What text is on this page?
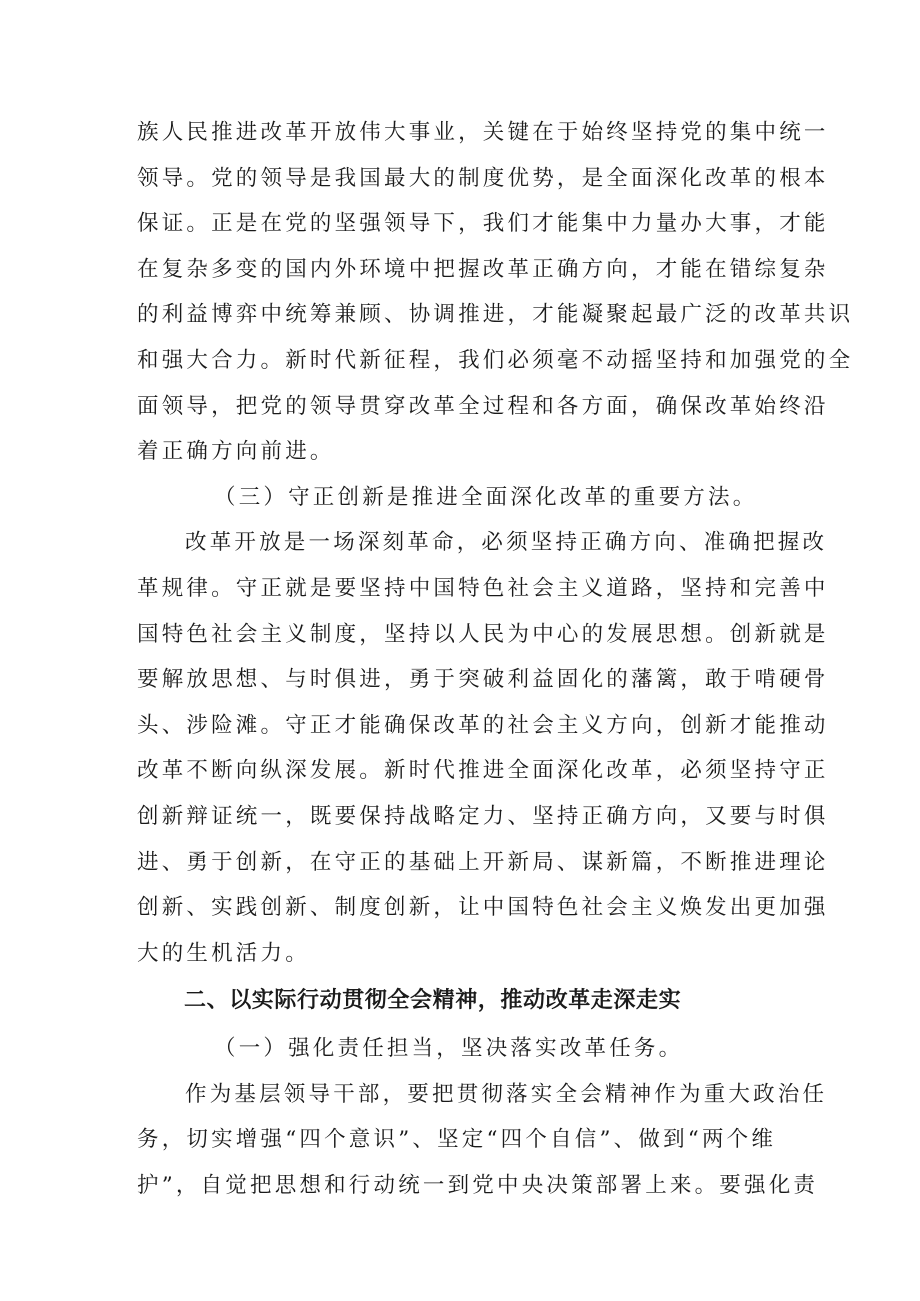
族人民推进改革开放伟大事业，关键在于始终坚持党的集中统一
领导。党的领导是我国最大的制度优势，是全面深化改革的根本
保证。正是在党的坚强领导下，我们才能集中力量办大事，才能
在复杂多变的国内外环境中把握改革正确方向，才能在错综复杂
的利益博弈中统筹兼顾、协调推进，才能凝聚起最广泛的改革共识
和强大合力。新时代新征程，我们必须毫不动摇坚持和加强党的全
面领导，把党的领导贯穿改革全过程和各方面，确保改革始终沿
着正确方向前进。
（三）守正创新是推进全面深化改革的重要方法。
改革开放是一场深刻革命，必须坚持正确方向、准确把握改
革规律。守正就是要坚持中国特色社会主义道路，坚持和完善中
国特色社会主义制度，坚持以人民为中心的发展思想。创新就是
要解放思想、与时俱进，勇于突破利益固化的藩篱，敢于啃硬骨
头、涉险滩。守正才能确保改革的社会主义方向，创新才能推动
改革不断向纵深发展。新时代推进全面深化改革，必须坚持守正
创新辩证统一，既要保持战略定力、坚持正确方向，又要与时俱
进、勇于创新，在守正的基础上开新局、谋新篇，不断推进理论
创新、实践创新、制度创新，让中国特色社会主义焕发出更加强
大的生机活力。
二、以实际行动贯彻全会精神，推动改革走深走实
（一）强化责任担当，坚决落实改革任务。
作为基层领导干部，要把贯彻落实全会精神作为重大政治任
务，切实增强“四个意识”、坚定“四个自信”、做到“两个维
护”，自觉把思想和行动统一到党中央决策部署上来。要强化责
